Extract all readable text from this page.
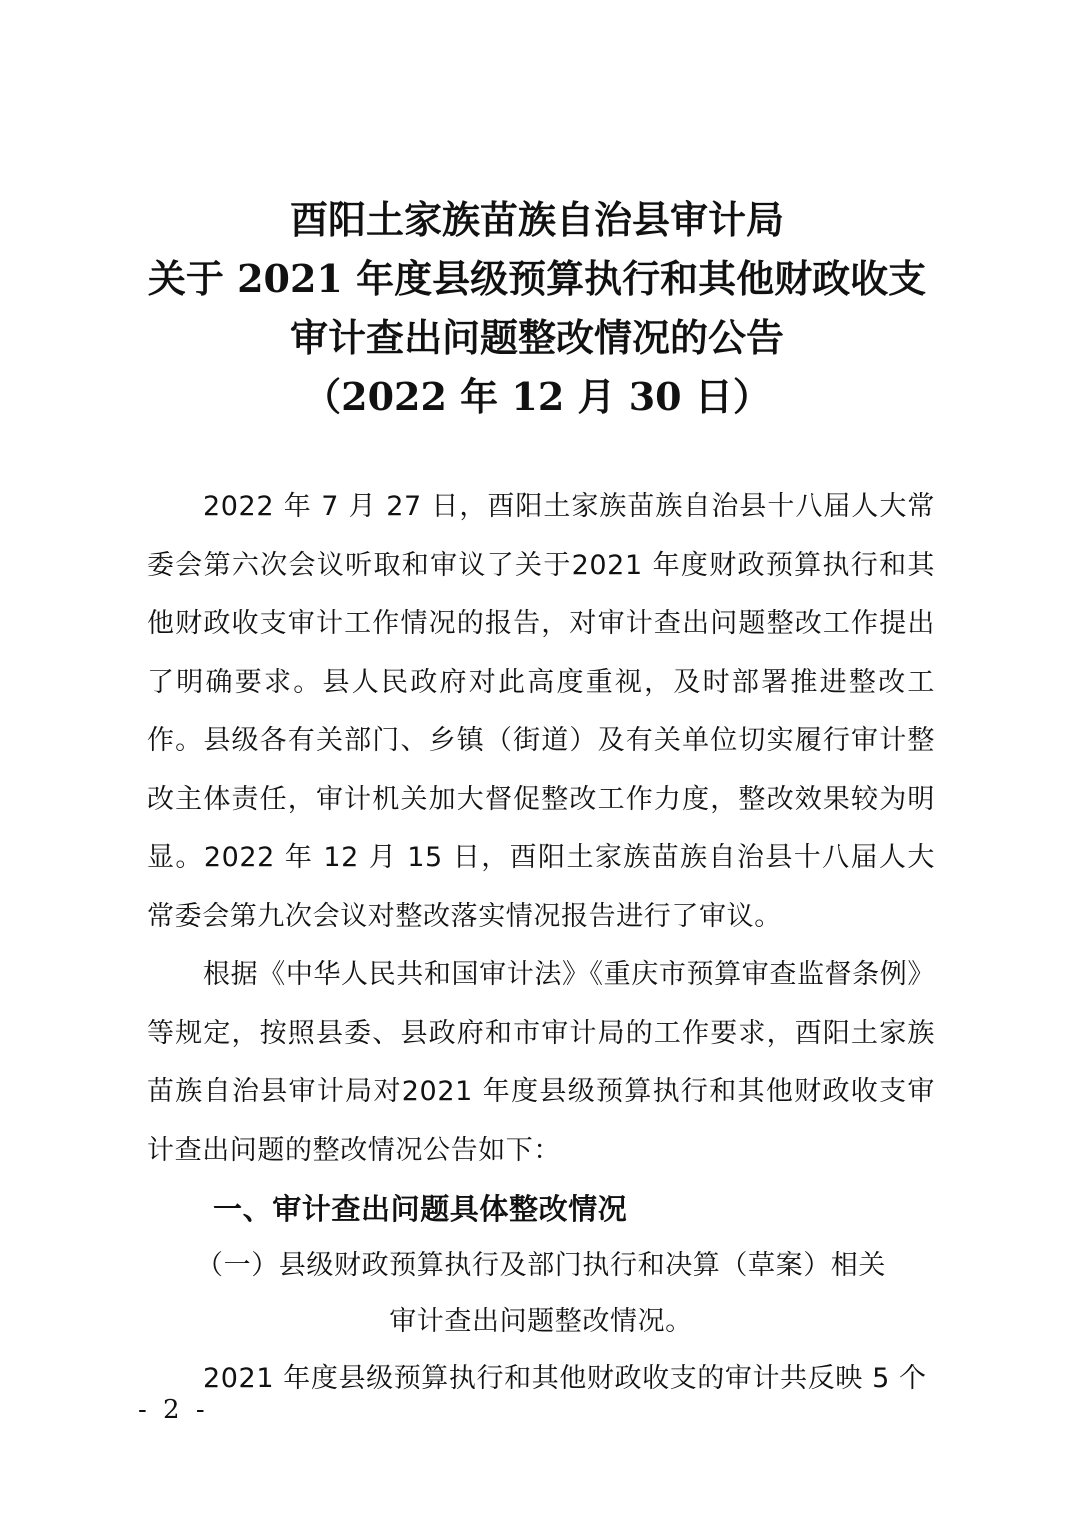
酉阳土家族苗族自治县审计局
关于 2021 年度县级预算执行和其他财政收支
审计查出问题整改情况的公告
（2022 年 12 月 30 日）

2022 年 7 月 27 日，酉阳土家族苗族自治县十八届人大常委会第六次会议听取和审议了关于2021 年度财政预算执行和其他财政收支审计工作情况的报告，对审计查出问题整改工作提出了明确要求。县人民政府对此高度重视，及时部署推进整改工作。县级各有关部门、乡镇（街道）及有关单位切实履行审计整改主体责任，审计机关加大督促整改工作力度，整改效果较为明显。2022 年 12 月 15 日，酉阳土家族苗族自治县十八届人大常委会第九次会议对整改落实情况报告进行了审议。

根据《中华人民共和国审计法》《重庆市预算审查监督条例》等规定，按照县委、县政府和市审计局的工作要求，酉阳土家族苗族自治县审计局对2021 年度县级预算执行和其他财政收支审计查出问题的整改情况公告如下：

一、审计查出问题具体整改情况

（一）县级财政预算执行及部门执行和决算（草案）相关
审计查出问题整改情况。

2021 年度县级预算执行和其他财政收支的审计共反映 5 个

- 2 -
